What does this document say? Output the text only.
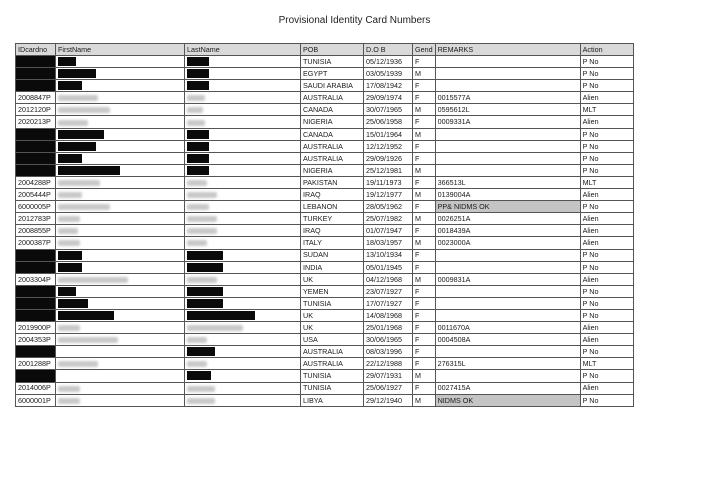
Provisional Identity Card Numbers
IDcardno	FirstName	LastName	POB	D.O B	Gend	REMARKS	Action
			TUNISIA	05/12/1936	F		P No
			EGYPT	03/05/1939	M		P No
			SAUDI ARABIA	17/08/1942	F		P No
2008847P			AUSTRALIA	29/09/1974	F	0015577A	Alien
2012120P			CANADA	30/07/1965	M	0595612L	MLT
2020213P			NIGERIA	25/06/1958	F	0009331A	Alien
			CANADA	15/01/1964	M		P No
			AUSTRALIA	12/12/1952	F		P No
			AUSTRALIA	29/09/1926	F		P No
			NIGERIA	25/12/1981	M		P No
2004288P			PAKISTAN	19/11/1973	F	366513L	MLT
2005444P			IRAQ	19/12/1977	M	0139004A	Alien
6000005P			LEBANON	28/05/1962	F	PP& NIDMS OK	P No
2012783P			TURKEY	25/07/1982	M	0026251A	Alien
2008855P			IRAQ	01/07/1947	F	0018439A	Alien
2000387P			ITALY	18/03/1957	M	0023000A	Alien
			SUDAN	13/10/1934	F		P No
			INDIA	05/01/1945	F		P No
2003304P			UK	04/12/1968	M	0009831A	Alien
			YEMEN	23/07/1927	F		P No
			TUNISIA	17/07/1927	F		P No
			UK	14/08/1968	F		P No
2019900P			UK	25/01/1968	F	0011670A	Alien
2004353P			USA	30/06/1965	F	0004508A	Alien
			AUSTRALIA	08/03/1996	F		P No
2001288P			AUSTRALIA	22/12/1988	F	276315L	MLT
			TUNISIA	29/07/1931	M		P No
2014006P			TUNISIA	25/06/1927	F	0027415A	Alien
6000001P			LIBYA	29/12/1940	M	NIDMS OK	P No
